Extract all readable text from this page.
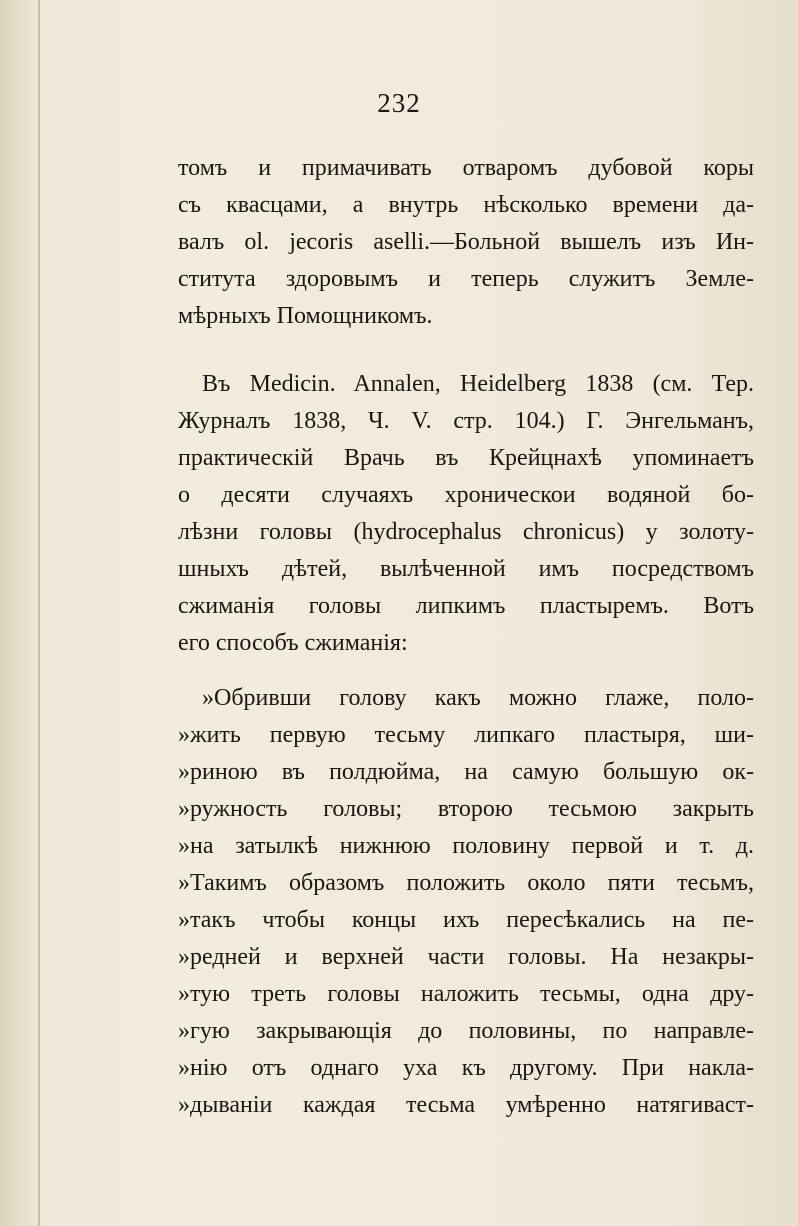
232
томъ и примачивать отваромъ дубовой коры
съ квасцами, а внутрь нѣсколько времени да-
валъ ol. jecoris aselli.—Больной вышелъ изъ Ин-
ститута здоровымъ и теперь служитъ Земле-
мѣрныхъ Помощникомъ.
Въ Medicin. Annalen, Heidelberg 1838 (см. Тер.
Журналъ 1838, Ч. V. стр. 104.) Г. Энгельманъ,
практическій Врачь въ Крейцнахѣ упоминаетъ
о десяти случаяхъ хроническои водяной бо-
лѣзни головы (hydrocephalus chronicus) у золоту-
шныхъ дѣтей, вылѣченной имъ посредствомъ
сжиманія головы липкимъ пластыремъ. Вотъ
его способъ сжиманія:
»Обривши голову какъ можно глаже, поло-
»жить первую тесьму липкаго пластыря, ши-
»риною въ полдюйма, на самую большую ок-
»ружность головы; второю тесьмою закрыть
»на затылкѣ нижнюю половину первой и т. д.
»Такимъ образомъ положить около пяти тесьмъ,
»такъ чтобы концы ихъ пересѣкались на пе-
»редней и верхней части головы. На незакры-
»тую треть головы наложить тесьмы, одна дру-
»гую закрывающія до половины, по направле-
»нію отъ однаго уха къ другому. При накла-
»дываніи каждая тесьма умѣренно натягиваст-
